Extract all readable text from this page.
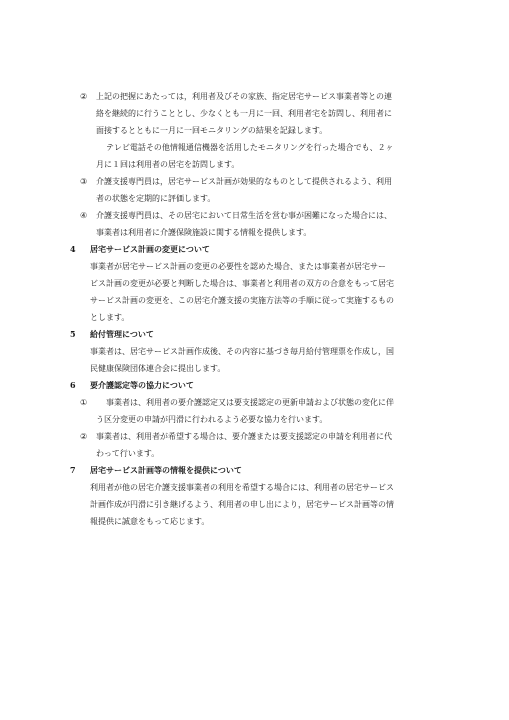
② 上記の把握にあたっては，利用者及びその家族、指定居宅サービス事業者等との連
絡を継続的に行うこととし、少なくとも一月に一回、利用者宅を訪問し、利用者に
面接するとともに一月に一回モニタリングの結果を記録します。
テレビ電話その他情報通信機器を活用したモニタリングを行った場合でも、２ヶ
月に１回は利用者の居宅を訪問します。
③ 介護支援専門員は，居宅サービス計画が効果的なものとして提供されるよう、利用
者の状態を定期的に評価します。
④ 介護支援専門員は、その居宅において日常生活を営む事が困難になった場合には、
事業者は利用者に介護保険施設に関する情報を提供します。
4 居宅サービス計画の変更について
事業者が居宅サービス計画の変更の必要性を認めた場合、または事業者が居宅サー
ビス計画の変更が必要と判断した場合は、事業者と利用者の双方の合意をもって居宅
サービス計画の変更を、この居宅介護支援の実施方法等の手順に従って実施するもの
とします。
5 給付管理について
事業者は、居宅サービス計画作成後、その内容に基づき毎月給付管理票を作成し，国
民健康保険団体連合会に提出します。
6 要介護認定等の協力について
① 事業者は、利用者の要介護認定又は要支援認定の更新申請および状態の変化に伴
う区分変更の申請が円滑に行われるよう必要な協力を行います。
② 事業者は、利用者が希望する場合は、要介護または要支援認定の申請を利用者に代
わって行います。
7 居宅サービス計画等の情報を提供について
利用者が他の居宅介護支援事業者の利用を希望する場合には、利用者の居宅サービス
計画作成が円滑に引き継げるよう、利用者の申し出により，居宅サービス計画等の情
報提供に誠意をもって応じます。
